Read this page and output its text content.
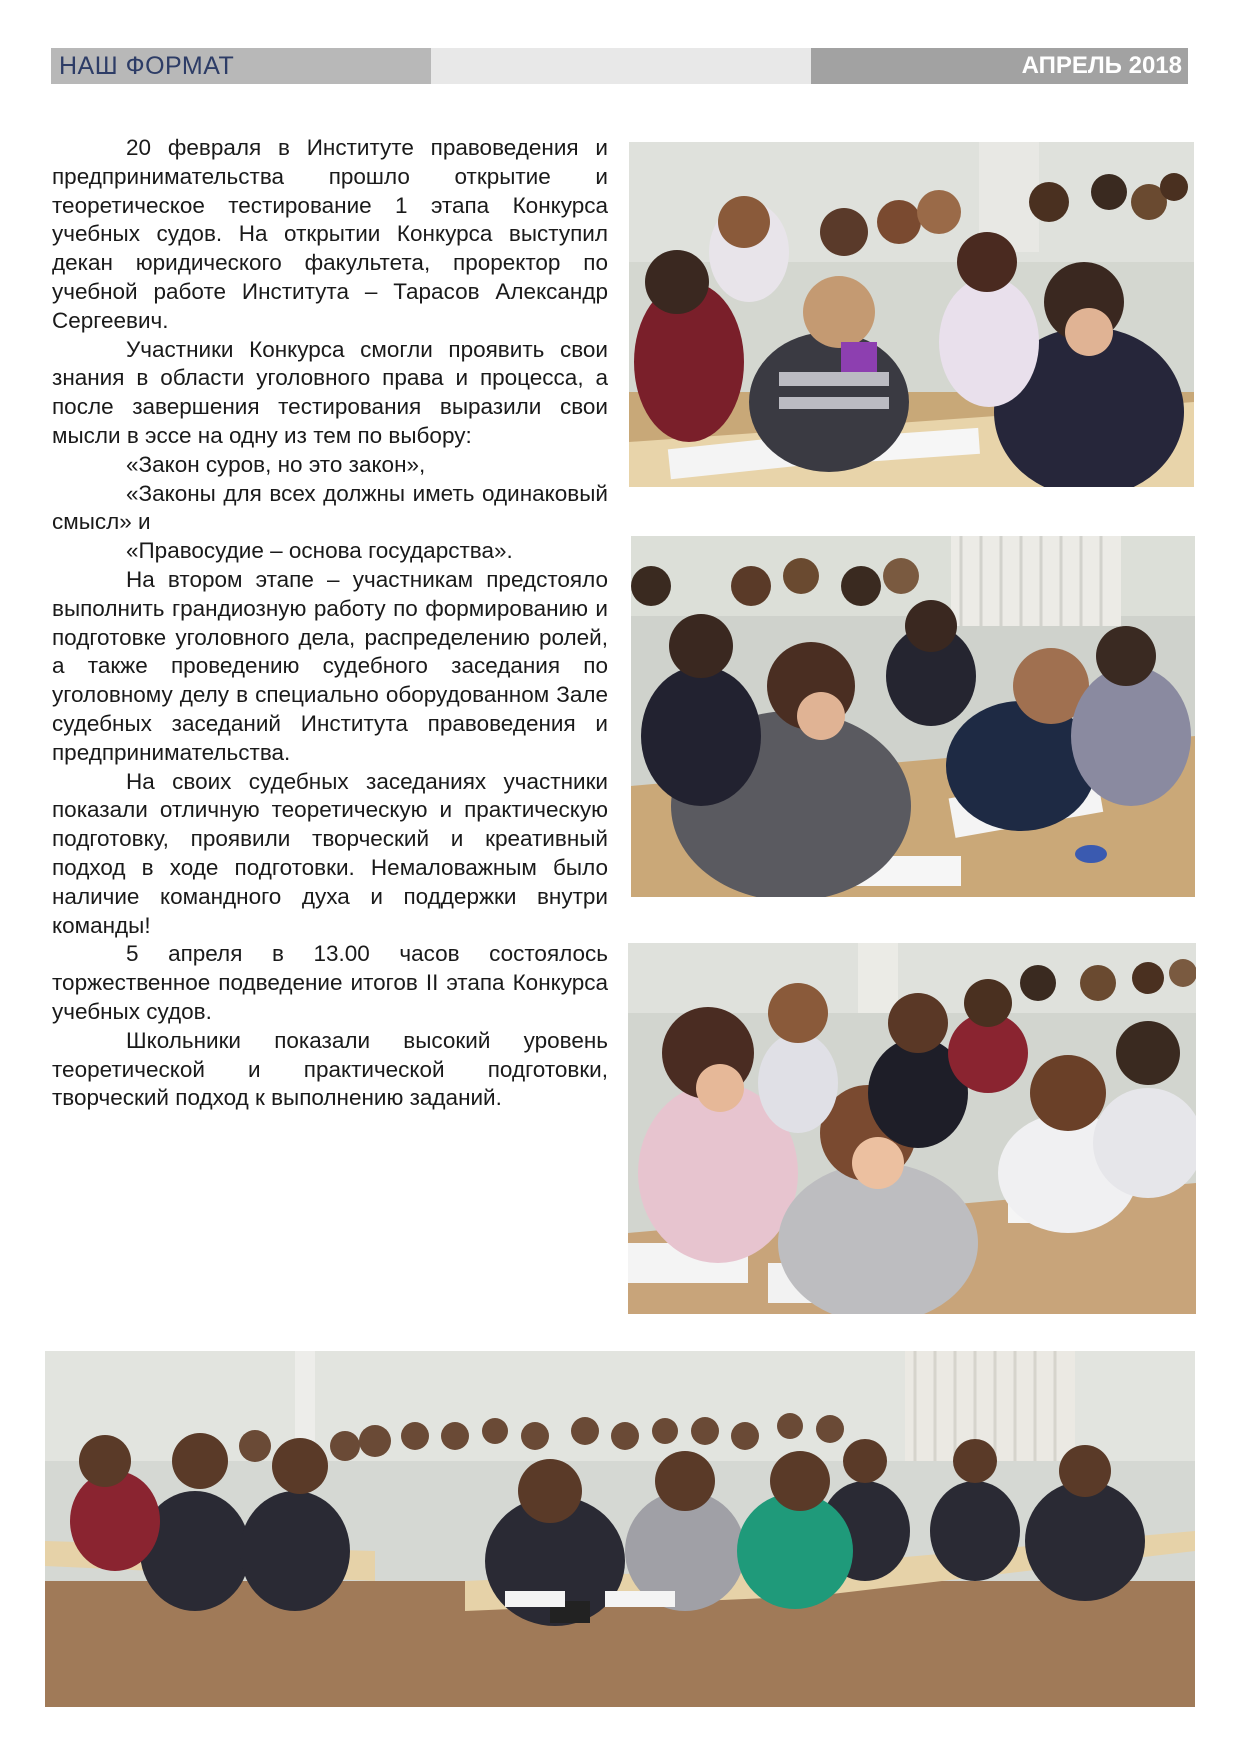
НАШ ФОРМАТ	АПРЕЛЬ 2018

20 февраля в Институте правоведения и предпринимательства прошло открытие и теоретическое тестирование 1 этапа Конкурса учебных судов. На открытии Конкурса выступил декан юридического факультета, проректор по учебной работе Института – Тарасов Александр Сергеевич.

Участники Конкурса смогли проявить свои знания в области уголовного права и процесса, а после завершения тестирования выразили свои мысли в эссе на одну из тем по выбору:

«Закон суров, но это закон»,

«Законы для всех должны иметь одинаковый смысл» и

«Правосудие – основа государства».

На втором этапе – участникам предстояло выполнить грандиозную работу по формированию и подготовке уголовного дела, распределению ролей, а также проведению судебного заседания по уголовному делу в специально оборудованном Зале судебных заседаний Института правоведения и предпринимательства.

На своих судебных заседаниях участники показали отличную теоретическую и практическую подготовку, проявили творческий и креативный подход в ходе подготовки. Немаловажным было наличие командного духа и поддержки внутри команды!

5 апреля в 13.00 часов состоялось торжественное подведение итогов II этапа Конкурса учебных судов.

Школьники показали высокий уровень теоретической и практической подготовки, творческий подход к выполнению заданий.
